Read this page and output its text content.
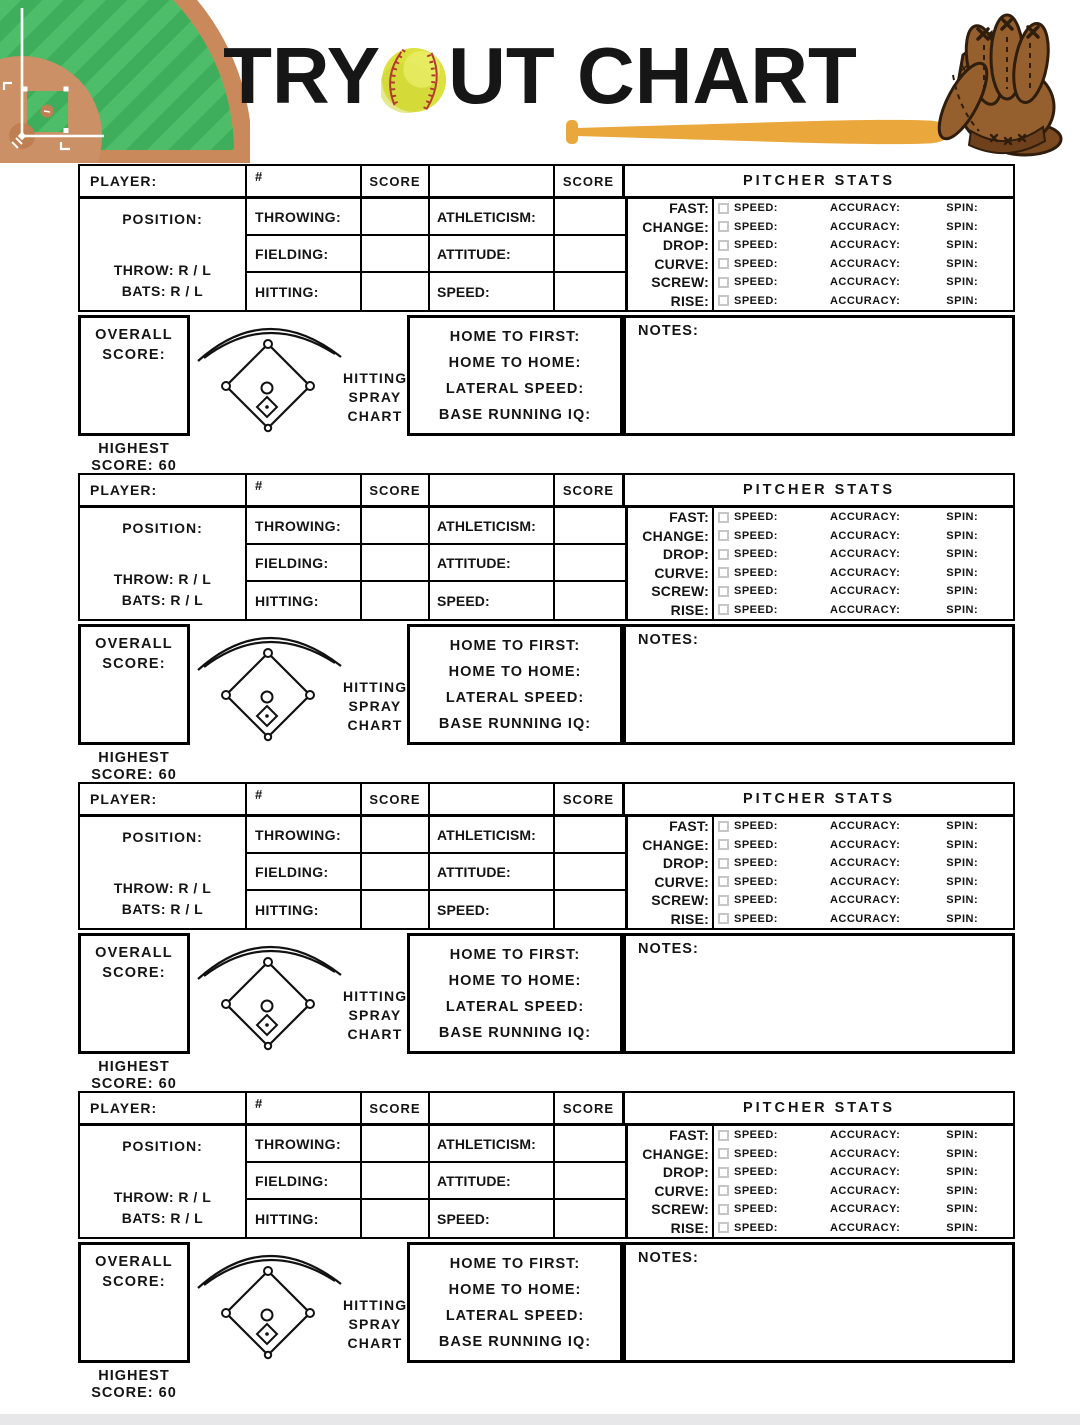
TRY UT CHART
PLAYER:	#	SCORE	SCORE	PITCHER STATS
POSITION:
THROW: R / L
BATS: R / L
THROWING:	ATHLETICISM:
FIELDING:	ATTITUDE:
HITTING:	SPEED:
FAST:	SPEED:	ACCURACY:	SPIN:
CHANGE:	SPEED:	ACCURACY:	SPIN:
DROP:	SPEED:	ACCURACY:	SPIN:
CURVE:	SPEED:	ACCURACY:	SPIN:
SCREW:	SPEED:	ACCURACY:	SPIN:
RISE:	SPEED:	ACCURACY:	SPIN:
OVERALL
SCORE:
HITTING
SPRAY
CHART
HOME TO FIRST:
HOME TO HOME:
LATERAL SPEED:
BASE RUNNING IQ:
NOTES:
HIGHEST
SCORE: 60
PLAYER:	#	SCORE	SCORE	PITCHER STATS
POSITION:
THROW: R / L
BATS: R / L
THROWING:	ATHLETICISM:
FIELDING:	ATTITUDE:
HITTING:	SPEED:
FAST:	SPEED:	ACCURACY:	SPIN:
CHANGE:	SPEED:	ACCURACY:	SPIN:
DROP:	SPEED:	ACCURACY:	SPIN:
CURVE:	SPEED:	ACCURACY:	SPIN:
SCREW:	SPEED:	ACCURACY:	SPIN:
RISE:	SPEED:	ACCURACY:	SPIN:
OVERALL
SCORE:
HITTING
SPRAY
CHART
HOME TO FIRST:
HOME TO HOME:
LATERAL SPEED:
BASE RUNNING IQ:
NOTES:
HIGHEST
SCORE: 60
PLAYER:	#	SCORE	SCORE	PITCHER STATS
POSITION:
THROW: R / L
BATS: R / L
THROWING:	ATHLETICISM:
FIELDING:	ATTITUDE:
HITTING:	SPEED:
FAST:	SPEED:	ACCURACY:	SPIN:
CHANGE:	SPEED:	ACCURACY:	SPIN:
DROP:	SPEED:	ACCURACY:	SPIN:
CURVE:	SPEED:	ACCURACY:	SPIN:
SCREW:	SPEED:	ACCURACY:	SPIN:
RISE:	SPEED:	ACCURACY:	SPIN:
OVERALL
SCORE:
HITTING
SPRAY
CHART
HOME TO FIRST:
HOME TO HOME:
LATERAL SPEED:
BASE RUNNING IQ:
NOTES:
HIGHEST
SCORE: 60
PLAYER:	#	SCORE	SCORE	PITCHER STATS
POSITION:
THROW: R / L
BATS: R / L
THROWING:	ATHLETICISM:
FIELDING:	ATTITUDE:
HITTING:	SPEED:
FAST:	SPEED:	ACCURACY:	SPIN:
CHANGE:	SPEED:	ACCURACY:	SPIN:
DROP:	SPEED:	ACCURACY:	SPIN:
CURVE:	SPEED:	ACCURACY:	SPIN:
SCREW:	SPEED:	ACCURACY:	SPIN:
RISE:	SPEED:	ACCURACY:	SPIN:
OVERALL
SCORE:
HITTING
SPRAY
CHART
HOME TO FIRST:
HOME TO HOME:
LATERAL SPEED:
BASE RUNNING IQ:
NOTES:
HIGHEST
SCORE: 60
